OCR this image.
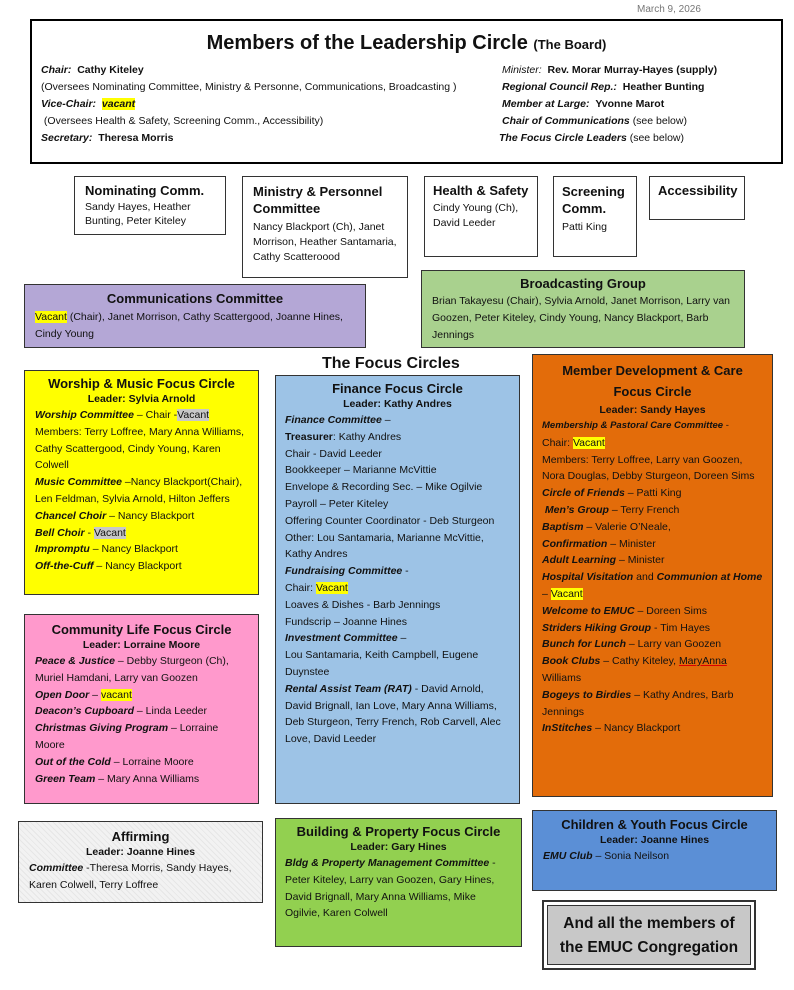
March 9, 2026
Members of the Leadership Circle (The Board)
Chair: Cathy Kiteley
(Oversees Nominating Committee, Ministry & Personne, Communications, Broadcasting )
Vice-Chair: vacant
(Oversees Health & Safety, Screening Comm., Accessibility)
Secretary: Theresa Morris
Minister: Rev. Morar Murray-Hayes (supply)
Regional Council Rep.: Heather Bunting
Member at Large: Yvonne Marot
Chair of Communications (see below)
The Focus Circle Leaders (see below)
Nominating Comm.
Sandy Hayes, Heather Bunting, Peter Kiteley
Ministry & Personnel Committee
Nancy Blackport (Ch), Janet Morrison, Heather Santamaria, Cathy Scatteroood
Health & Safety
Cindy Young (Ch), David Leeder
Screening Comm.
Patti King
Accessibility
Broadcasting Group
Brian Takayesu (Chair), Sylvia Arnold, Janet Morrison, Larry van Goozen, Peter Kiteley, Cindy Young, Nancy Blackport, Barb Jennings
Communications Committee
Vacant (Chair), Janet Morrison, Cathy Scattergood, Joanne Hines, Cindy Young
The Focus Circles
Worship & Music Focus Circle
Leader: Sylvia Arnold
Worship Committee – Chair -Vacant
Members: Terry Loffree, Mary Anna Williams, Cathy Scattergood, Cindy Young, Karen Colwell
Music Committee –Nancy Blackport(Chair), Len Feldman, Sylvia Arnold, Hilton Jeffers
Chancel Choir – Nancy Blackport
Bell Choir - Vacant
Impromptu – Nancy Blackport
Off-the-Cuff – Nancy Blackport
Community Life Focus Circle
Leader: Lorraine Moore
Peace & Justice – Debby Sturgeon (Ch), Muriel Hamdani, Larry van Goozen
Open Door – vacant
Deacon’s Cupboard – Linda Leeder
Christmas Giving Program – Lorraine Moore
Out of the Cold – Lorraine Moore
Green Team – Mary Anna Williams
Affirming
Leader: Joanne Hines
Committee -Theresa Morris, Sandy Hayes, Karen Colwell, Terry Loffree
Finance Focus Circle
Leader: Kathy Andres
Finance Committee –
Treasurer: Kathy Andres
Chair - David Leeder
Bookkeeper – Marianne McVittie
Envelope & Recording Sec. – Mike Ogilvie
Payroll – Peter Kiteley
Offering Counter Coordinator - Deb Sturgeon
Other: Lou Santamaria, Marianne McVittie, Kathy Andres
Fundraising Committee -
Chair: Vacant
Loaves & Dishes - Barb Jennings
Fundscrip – Joanne Hines
Investment Committee –
Lou Santamaria, Keith Campbell, Eugene Duynstee
Rental Assist Team (RAT) - David Arnold, David Brignall, Ian Love, Mary Anna Williams, Deb Sturgeon, Terry French, Rob Carvell, Alec Love, David Leeder
Building & Property Focus Circle
Leader: Gary Hines
Bldg & Property Management Committee -
Peter Kiteley, Larry van Goozen, Gary Hines, David Brignall, Mary Anna Williams, Mike Ogilvie, Karen Colwell
Member Development & Care Focus Circle
Leader: Sandy Hayes
Membership & Pastoral Care Committee -
Chair: Vacant
Members: Terry Loffree, Larry van Goozen, Nora Douglas, Debby Sturgeon, Doreen Sims
Circle of Friends – Patti King
Men’s Group – Terry French
Baptism – Valerie O’Neale,
Confirmation – Minister
Adult Learning – Minister
Hospital Visitation and Communion at Home – Vacant
Welcome to EMUC – Doreen Sims
Striders Hiking Group - Tim Hayes
Bunch for Lunch – Larry van Goozen
Book Clubs – Cathy Kiteley, MaryAnna Williams
Bogeys to Birdies – Kathy Andres, Barb Jennings
InStitches – Nancy Blackport
Children & Youth Focus Circle
Leader: Joanne Hines
EMU Club – Sonia Neilson
And all the members of
the EMUC Congregation
